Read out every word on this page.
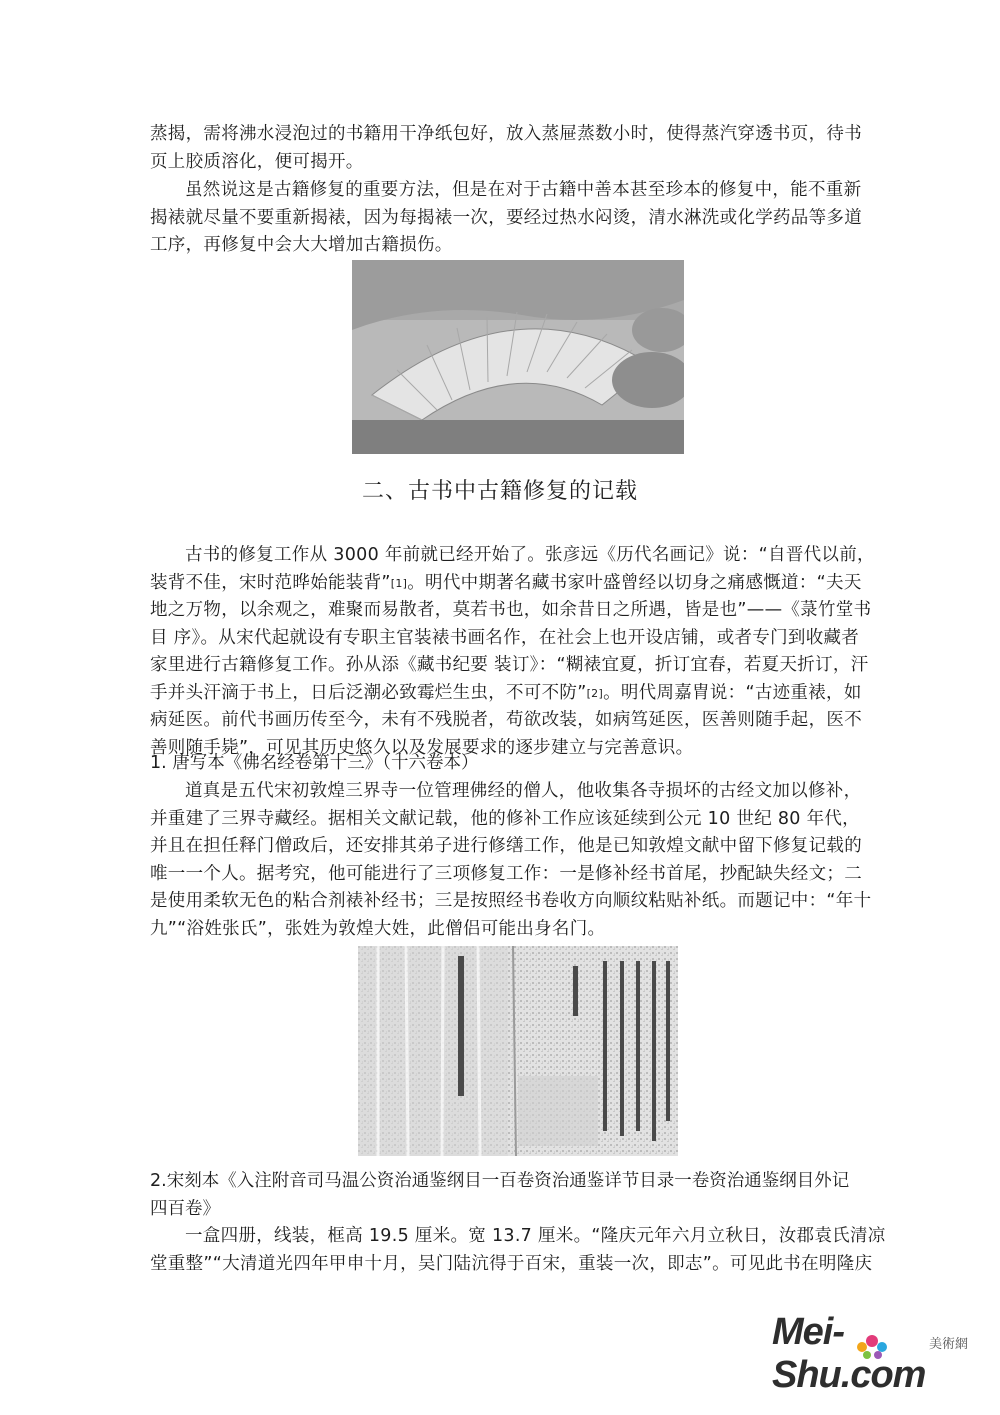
蒸揭，需将沸水浸泡过的书籍用干净纸包好，放入蒸屉蒸数小时，使得蒸汽穿透书页，待书
页上胶质溶化，便可揭开。

虽然说这是古籍修复的重要方法，但是在对于古籍中善本甚至珍本的修复中，能不重新
揭裱就尽量不要重新揭裱，因为每揭裱一次，要经过热水闷烫，清水淋洗或化学药品等多道
工序，再修复中会大大增加古籍损伤。

二、古书中古籍修复的记载

古书的修复工作从 3000 年前就已经开始了。张彦远《历代名画记》说：“自晋代以前，
装背不佳，宋时范晔始能装背”[1]。明代中期著名藏书家叶盛曾经以切身之痛感慨道：“夫天
地之万物，以余观之，难聚而易散者，莫若书也，如余昔日之所遇，皆是也”——《菉竹堂书
目 序》。从宋代起就设有专职主官装裱书画名作，在社会上也开设店铺，或者专门到收藏者
家里进行古籍修复工作。孙从添《藏书纪要 装订》：“糊裱宜夏，折订宜春，若夏天折订，汗
手并头汗滴于书上，日后泛潮必致霉烂生虫，不可不防”[2]。明代周嘉胄说：“古迹重裱，如
病延医。前代书画历传至今，未有不残脱者，苟欲改装，如病笃延医，医善则随手起，医不
善则随手毙”，可见其历史悠久以及发展要求的逐步建立与完善意识。

1. 唐写本《佛名经卷第十三》（十六卷本）

道真是五代宋初敦煌三界寺一位管理佛经的僧人，他收集各寺损坏的古经文加以修补，
并重建了三界寺藏经。据相关文献记载，他的修补工作应该延续到公元 10 世纪 80 年代，
并且在担任释门僧政后，还安排其弟子进行修缮工作，他是已知敦煌文献中留下修复记载的
唯一一个人。据考究，他可能进行了三项修复工作：一是修补经书首尾，抄配缺失经文；二
是使用柔软无色的粘合剂裱补经书；三是按照经书卷收方向顺纹粘贴补纸。而题记中：“年十
九”“浴姓张氏”，张姓为敦煌大姓，此僧侣可能出身名门。

2.宋刻本《入注附音司马温公资治通鉴纲目一百卷资治通鉴详节目录一卷资治通鉴纲目外记
四百卷》

一盒四册，线装，框高 19.5 厘米。宽 13.7 厘米。“隆庆元年六月立秋日，汝郡袁氏清凉
堂重整”“大清道光四年甲申十月，吴门陆沆得于百宋，重装一次，即志”。可见此书在明隆庆

美術網
Mei-Shu.com
